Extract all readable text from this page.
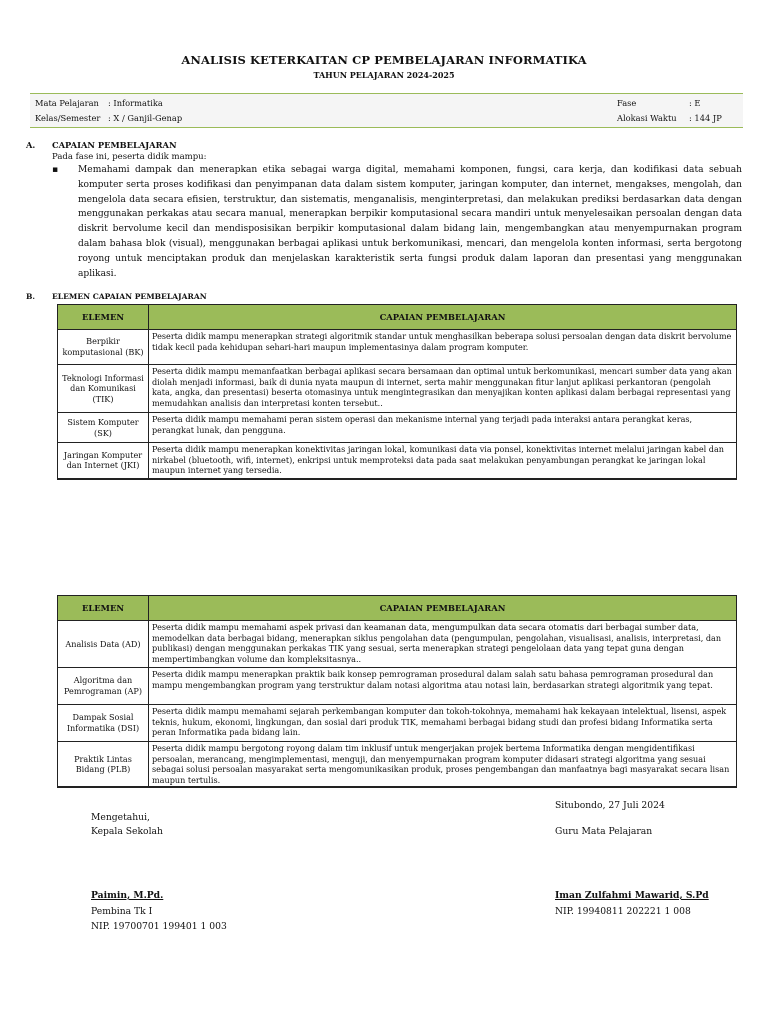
ANALISIS KETERKAITAN CP PEMBELAJARAN INFORMATIKA
TAHUN PELAJARAN 2024-2025
Mata Pelajaran : Informatika
Kelas/Semester : X / Ganjil-Genap
Fase	: E
Alokasi Waktu : 144 JP
A. CAPAIAN PEMBELAJARAN
Pada fase ini, peserta didik mampu:
▪ Memahami dampak dan menerapkan etika sebagai warga digital, memahami komponen, fungsi, cara kerja, dan kodifikasi data sebuah komputer serta proses kodifikasi dan penyimpanan data dalam sistem komputer, jaringan komputer, dan internet, mengakses, mengolah, dan mengelola data secara efisien, terstruktur, dan sistematis, menganalisis, menginterpretasi, dan melakukan prediksi berdasarkan data dengan menggunakan perkakas atau secara manual, menerapkan berpikir komputasional secara mandiri untuk menyelesaikan persoalan dengan data diskrit bervolume kecil dan mendisposisikan berpikir komputasional dalam bidang lain, mengembangkan atau menyempurnakan program dalam bahasa blok (visual), menggunakan berbagai aplikasi untuk berkomunikasi, mencari, dan mengelola konten informasi, serta bergotong royong untuk menciptakan produk dan menjelaskan karakteristik serta fungsi produk dalam laporan dan presentasi yang menggunakan aplikasi.
B. ELEMEN CAPAIAN PEMBELAJARAN
ELEMEN	CAPAIAN PEMBELAJARAN
Berpikir komputasional (BK)	Peserta didik mampu menerapkan strategi algoritmik standar untuk menghasilkan beberapa solusi persoalan dengan data diskrit bervolume tidak kecil pada kehidupan sehari-hari maupun implementasinya dalam program komputer.
Teknologi Informasi dan Komunikasi (TIK)	Peserta didik mampu memanfaatkan berbagai aplikasi secara bersamaan dan optimal untuk berkomunikasi, mencari sumber data yang akan diolah menjadi informasi, baik di dunia nyata maupun di internet, serta mahir menggunakan fitur lanjut aplikasi perkantoran (pengolah kata, angka, dan presentasi) beserta otomasinya untuk mengintegrasikan dan menyajikan konten aplikasi dalam berbagai representasi yang memudahkan analisis dan interpretasi konten tersebut..
Sistem Komputer (SK)	Peserta didik mampu memahami peran sistem operasi dan mekanisme internal yang terjadi pada interaksi antara perangkat keras, perangkat lunak, dan pengguna.
Jaringan Komputer dan Internet (JKI)	Peserta didik mampu menerapkan konektivitas jaringan lokal, komunikasi data via ponsel, konektivitas internet melalui jaringan kabel dan nirkabel (bluetooth, wifi, internet), enkripsi untuk memproteksi data pada saat melakukan penyambungan perangkat ke jaringan lokal maupun internet yang tersedia.
ELEMEN	CAPAIAN PEMBELAJARAN
Analisis Data (AD)	Peserta didik mampu memahami aspek privasi dan keamanan data, mengumpulkan data secara otomatis dari berbagai sumber data, memodelkan data berbagai bidang, menerapkan siklus pengolahan data (pengumpulan, pengolahan, visualisasi, analisis, interpretasi, dan publikasi) dengan menggunakan perkakas TIK yang sesuai, serta menerapkan strategi pengelolaan data yang tepat guna dengan mempertimbangkan volume dan kompleksitasnya..
Algoritma dan Pemrograman (AP)	Peserta didik mampu menerapkan praktik baik konsep pemrograman prosedural dalam salah satu bahasa pemrograman prosedural dan mampu mengembangkan program yang terstruktur dalam notasi algoritma atau notasi lain, berdasarkan strategi algoritmik yang tepat.
Dampak Sosial Informatika (DSI)	Peserta didik mampu memahami sejarah perkembangan komputer dan tokoh-tokohnya, memahami hak kekayaan intelektual, lisensi, aspek teknis, hukum, ekonomi, lingkungan, dan sosial dari produk TIK, memahami berbagai bidang studi dan profesi bidang Informatika serta peran Informatika pada bidang lain.
Praktik Lintas Bidang (PLB)	Peserta didik mampu bergotong royong dalam tim inklusif untuk mengerjakan projek bertema Informatika dengan mengidentifikasi persoalan, merancang, mengimplementasi, menguji, dan menyempurnakan program komputer didasari strategi algoritma yang sesuai sebagai solusi persoalan masyarakat serta mengomunikasikan produk, proses pengembangan dan manfaatnya bagi masyarakat secara lisan maupun tertulis.
Situbondo, 27 Juli 2024
Mengetahui,
Kepala Sekolah	Guru Mata Pelajaran
Paimin, M.Pd.
Pembina Tk I
NIP. 19700701 199401 1 003
Iman Zulfahmi Mawarid, S.Pd
NIP. 19940811 202221 1 008
